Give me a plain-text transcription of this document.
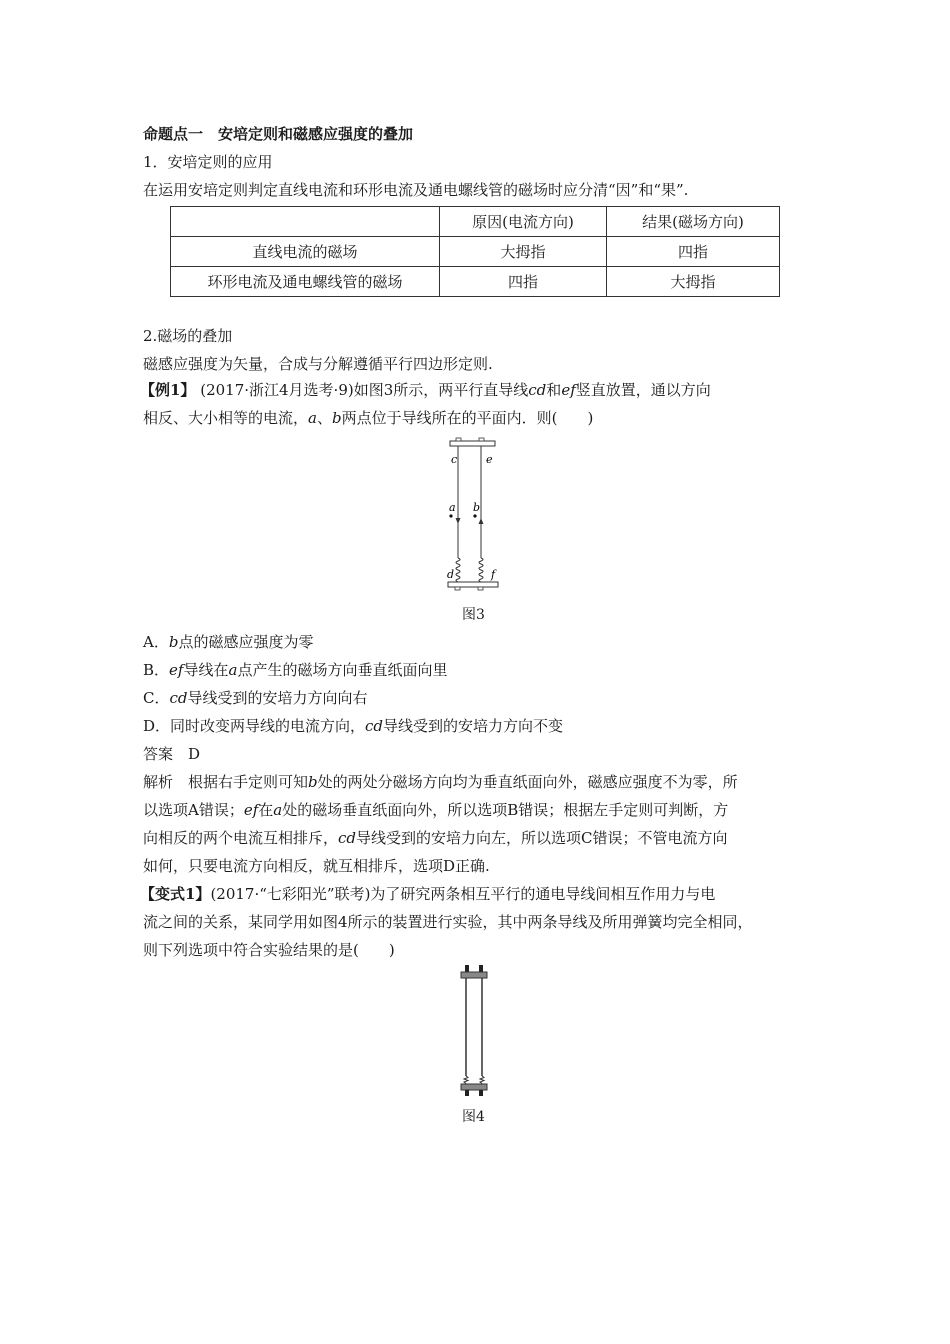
命题点一　安培定则和磁感应强度的叠加
1．安培定则的应用
在运用安培定则判定直线电流和环形电流及通电螺线管的磁场时应分清“因”和“果”.
	原因(电流方向)	结果(磁场方向)
直线电流的磁场	大拇指	四指
环形电流及通电螺线管的磁场	四指	大拇指
2.磁场的叠加
磁感应强度为矢量，合成与分解遵循平行四边形定则.
【例1】 (2017·浙江4月选考·9)如图3所示，两平行直导线cd和ef竖直放置，通以方向
相反、大小相等的电流，a、b两点位于导线所在的平面内．则(　　)
c	e
a b
d	f
图3
A．b点的磁感应强度为零
B．ef导线在a点产生的磁场方向垂直纸面向里
C．cd导线受到的安培力方向向右
D．同时改变两导线的电流方向，cd导线受到的安培力方向不变
答案　D
解析　根据右手定则可知b处的两处分磁场方向均为垂直纸面向外，磁感应强度不为零，所
以选项A错误；ef在a处的磁场垂直纸面向外，所以选项B错误；根据左手定则可判断，方
向相反的两个电流互相排斥，cd导线受到的安培力向左，所以选项C错误；不管电流方向
如何，只要电流方向相反，就互相排斥，选项D正确.
【变式1】(2017·“七彩阳光”联考)为了研究两条相互平行的通电导线间相互作用力与电
流之间的关系，某同学用如图4所示的装置进行实验，其中两条导线及所用弹簧均完全相同，
则下列选项中符合实验结果的是(　　)
图4
